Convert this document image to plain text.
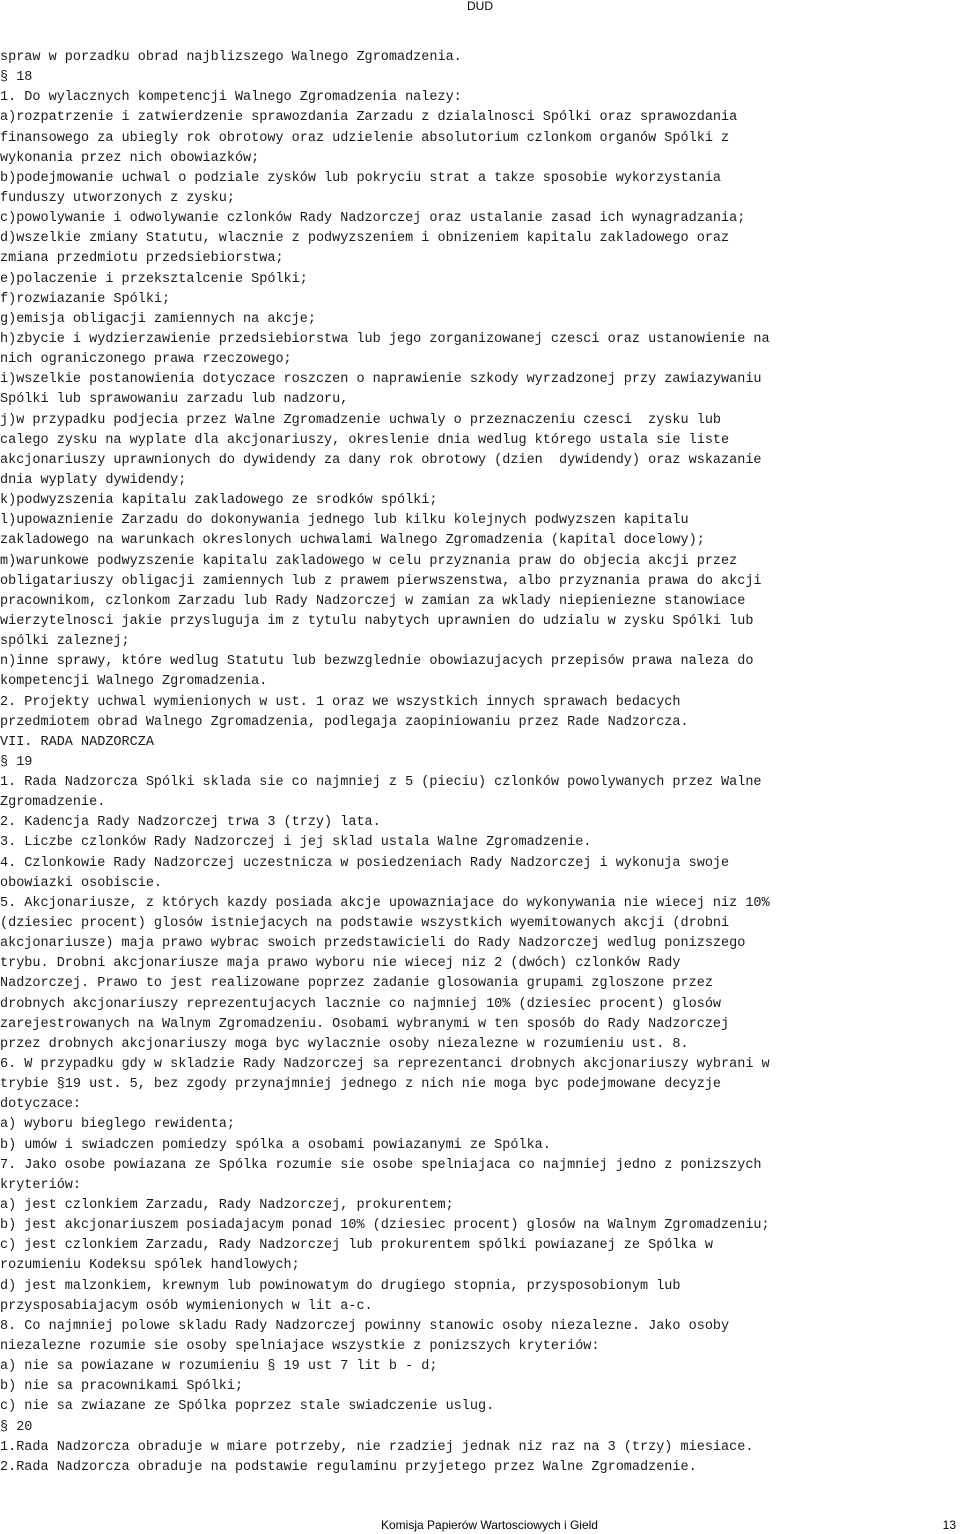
DUD
spraw w porzadku obrad najblizszego Walnego Zgromadzenia.
§ 18
1. Do wylacznych kompetencji Walnego Zgromadzenia nalezy:
a)rozpatrzenie i zatwierdzenie sprawozdania Zarzadu z dzialalnosci Spólki oraz sprawozdania
finansowego za ubiegly rok obrotowy oraz udzielenie absolutorium czlonkom organów Spólki z
wykonania przez nich obowiazków;
b)podejmowanie uchwal o podziale zysków lub pokryciu strat a takze sposobie wykorzystania
funduszy utworzonych z zysku;
c)powolywanie i odwolywanie czlonków Rady Nadzorczej oraz ustalanie zasad ich wynagradzania;
d)wszelkie zmiany Statutu, wlacznie z podwyzszeniem i obnizeniem kapitalu zakladowego oraz
zmiana przedmiotu przedsiebiorstwa;
e)polaczenie i przeksztalcenie Spólki;
f)rozwiazanie Spólki;
g)emisja obligacji zamiennych na akcje;
h)zbycie i wydzierzawienie przedsiebiorstwa lub jego zorganizowanej czesci oraz ustanowienie na
nich ograniczonego prawa rzeczowego;
i)wszelkie postanowienia dotyczace roszczen o naprawienie szkody wyrzadzonej przy zawiazywaniu
Spólki lub sprawowaniu zarzadu lub nadzoru,
j)w przypadku podjecia przez Walne Zgromadzenie uchwaly o przeznaczeniu czesci  zysku lub
calego zysku na wyplate dla akcjonariuszy, okreslenie dnia wedlug którego ustala sie liste
akcjonariuszy uprawnionych do dywidendy za dany rok obrotowy (dzien  dywidendy) oraz wskazanie
dnia wyplaty dywidendy;
k)podwyzszenia kapitalu zakladowego ze srodków spólki;
l)upowaznienie Zarzadu do dokonywania jednego lub kilku kolejnych podwyzszen kapitalu
zakladowego na warunkach okreslonych uchwalami Walnego Zgromadzenia (kapital docelowy);
m)warunkowe podwyzszenie kapitalu zakladowego w celu przyznania praw do objecia akcji przez
obligatariuszy obligacji zamiennych lub z prawem pierwszenstwa, albo przyznania prawa do akcji
pracownikom, czlonkom Zarzadu lub Rady Nadzorczej w zamian za wklady niepieniezne stanowiace
wierzytelnosci jakie przysluguja im z tytulu nabytych uprawnien do udzialu w zysku Spólki lub
spólki zaleznej;
n)inne sprawy, które wedlug Statutu lub bezwzglednie obowiazujacych przepisów prawa naleza do
kompetencji Walnego Zgromadzenia.
2. Projekty uchwal wymienionych w ust. 1 oraz we wszystkich innych sprawach bedacych
przedmiotem obrad Walnego Zgromadzenia, podlegaja zaopiniowaniu przez Rade Nadzorcza.
VII. RADA NADZORCZA
§ 19
1. Rada Nadzorcza Spólki sklada sie co najmniej z 5 (pieciu) czlonków powolywanych przez Walne
Zgromadzenie.
2. Kadencja Rady Nadzorczej trwa 3 (trzy) lata.
3. Liczbe czlonków Rady Nadzorczej i jej sklad ustala Walne Zgromadzenie.
4. Czlonkowie Rady Nadzorczej uczestnicza w posiedzeniach Rady Nadzorczej i wykonuja swoje
obowiazki osobiscie.
5. Akcjonariusze, z których kazdy posiada akcje upowazniajace do wykonywania nie wiecej niz 10%
(dziesiec procent) glosów istniejacych na podstawie wszystkich wyemitowanych akcji (drobni
akcjonariusze) maja prawo wybrac swoich przedstawicieli do Rady Nadzorczej wedlug ponizszego
trybu. Drobni akcjonariusze maja prawo wyboru nie wiecej niz 2 (dwóch) czlonków Rady
Nadzorczej. Prawo to jest realizowane poprzez zadanie glosowania grupami zgloszone przez
drobnych akcjonariuszy reprezentujacych lacznie co najmniej 10% (dziesiec procent) glosów
zarejestrowanych na Walnym Zgromadzeniu. Osobami wybranymi w ten sposób do Rady Nadzorczej
przez drobnych akcjonariuszy moga byc wylacznie osoby niezalezne w rozumieniu ust. 8.
6. W przypadku gdy w skladzie Rady Nadzorczej sa reprezentanci drobnych akcjonariuszy wybrani w
trybie §19 ust. 5, bez zgody przynajmniej jednego z nich nie moga byc podejmowane decyzje
dotyczace:
a) wyboru bieglego rewidenta;
b) umów i swiadczen pomiedzy spólka a osobami powiazanymi ze Spólka.
7. Jako osobe powiazana ze Spólka rozumie sie osobe spelniajaca co najmniej jedno z ponizszych
kryteriów:
a) jest czlonkiem Zarzadu, Rady Nadzorczej, prokurentem;
b) jest akcjonariuszem posiadajacym ponad 10% (dziesiec procent) glosów na Walnym Zgromadzeniu;
c) jest czlonkiem Zarzadu, Rady Nadzorczej lub prokurentem spólki powiazanej ze Spólka w
rozumieniu Kodeksu spólek handlowych;
d) jest malzonkiem, krewnym lub powinowatym do drugiego stopnia, przysposobionym lub
przysposabiajacym osób wymienionych w lit a-c.
8. Co najmniej polowe skladu Rady Nadzorczej powinny stanowic osoby niezalezne. Jako osoby
niezalezne rozumie sie osoby spelniajace wszystkie z ponizszych kryteriów:
a) nie sa powiazane w rozumieniu § 19 ust 7 lit b - d;
b) nie sa pracownikami Spólki;
c) nie sa zwiazane ze Spólka poprzez stale swiadczenie uslug.
§ 20
1.Rada Nadzorcza obraduje w miare potrzeby, nie rzadziej jednak niz raz na 3 (trzy) miesiace.
2.Rada Nadzorcza obraduje na podstawie regulaminu przyjetego przez Walne Zgromadzenie.
Komisja Papierów Wartosciowych i Gield	13
